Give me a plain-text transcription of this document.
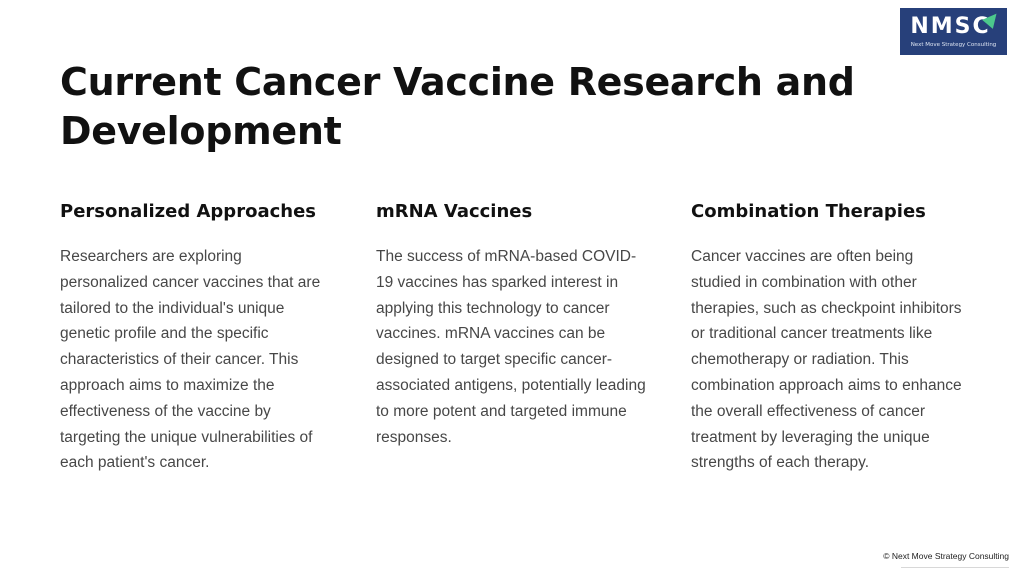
NMSC
Next Move Strategy Consulting
Current Cancer Vaccine Research and Development
Personalized Approaches

Researchers are exploring personalized cancer vaccines that are tailored to the individual's unique genetic profile and the specific characteristics of their cancer. This approach aims to maximize the effectiveness of the vaccine by targeting the unique vulnerabilities of each patient's cancer.

mRNA Vaccines

The success of mRNA-based COVID-19 vaccines has sparked interest in applying this technology to cancer vaccines. mRNA vaccines can be designed to target specific cancer-associated antigens, potentially leading to more potent and targeted immune responses.

Combination Therapies

Cancer vaccines are often being studied in combination with other therapies, such as checkpoint inhibitors or traditional cancer treatments like chemotherapy or radiation. This combination approach aims to enhance the overall effectiveness of cancer treatment by leveraging the unique strengths of each therapy.

© Next Move Strategy Consulting
